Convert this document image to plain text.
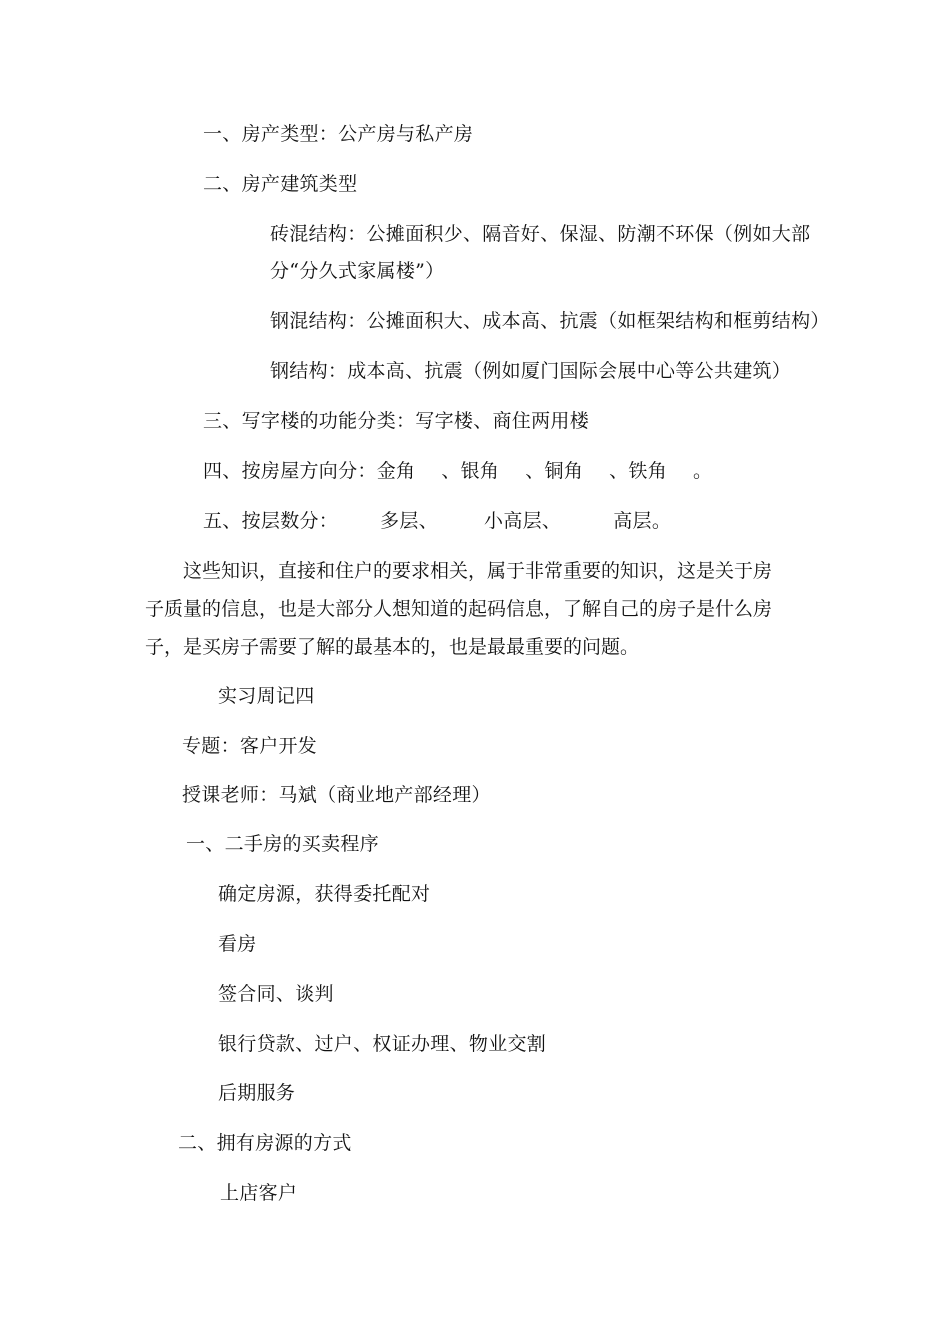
一、房产类型：公产房与私产房
二、房产建筑类型
砖混结构：公摊面积少、隔音好、保湿、防潮不环保（例如大部
分“分久式家属楼”）
钢混结构：公摊面积大、成本高、抗震（如框架结构和框剪结构）
钢结构：成本高、抗震（例如厦门国际会展中心等公共建筑）
三、写字楼的功能分类：写字楼、商住两用楼
四、按房屋方向分：金角 、银角 、铜角 、铁角 。
五、按层数分： 多层、 小高层、	高层。
这些知识，直接和住户的要求相关，属于非常重要的知识，这是关于房
子质量的信息，也是大部分人想知道的起码信息，了解自己的房子是什么房
子，是买房子需要了解的最基本的，也是最最重要的问题。
实习周记四
专题：客户开发
授课老师：马斌（商业地产部经理）
一、二手房的买卖程序
确定房源，获得委托配对
看房
签合同、谈判
银行贷款、过户、权证办理、物业交割
后期服务
二、拥有房源的方式
上店客户
